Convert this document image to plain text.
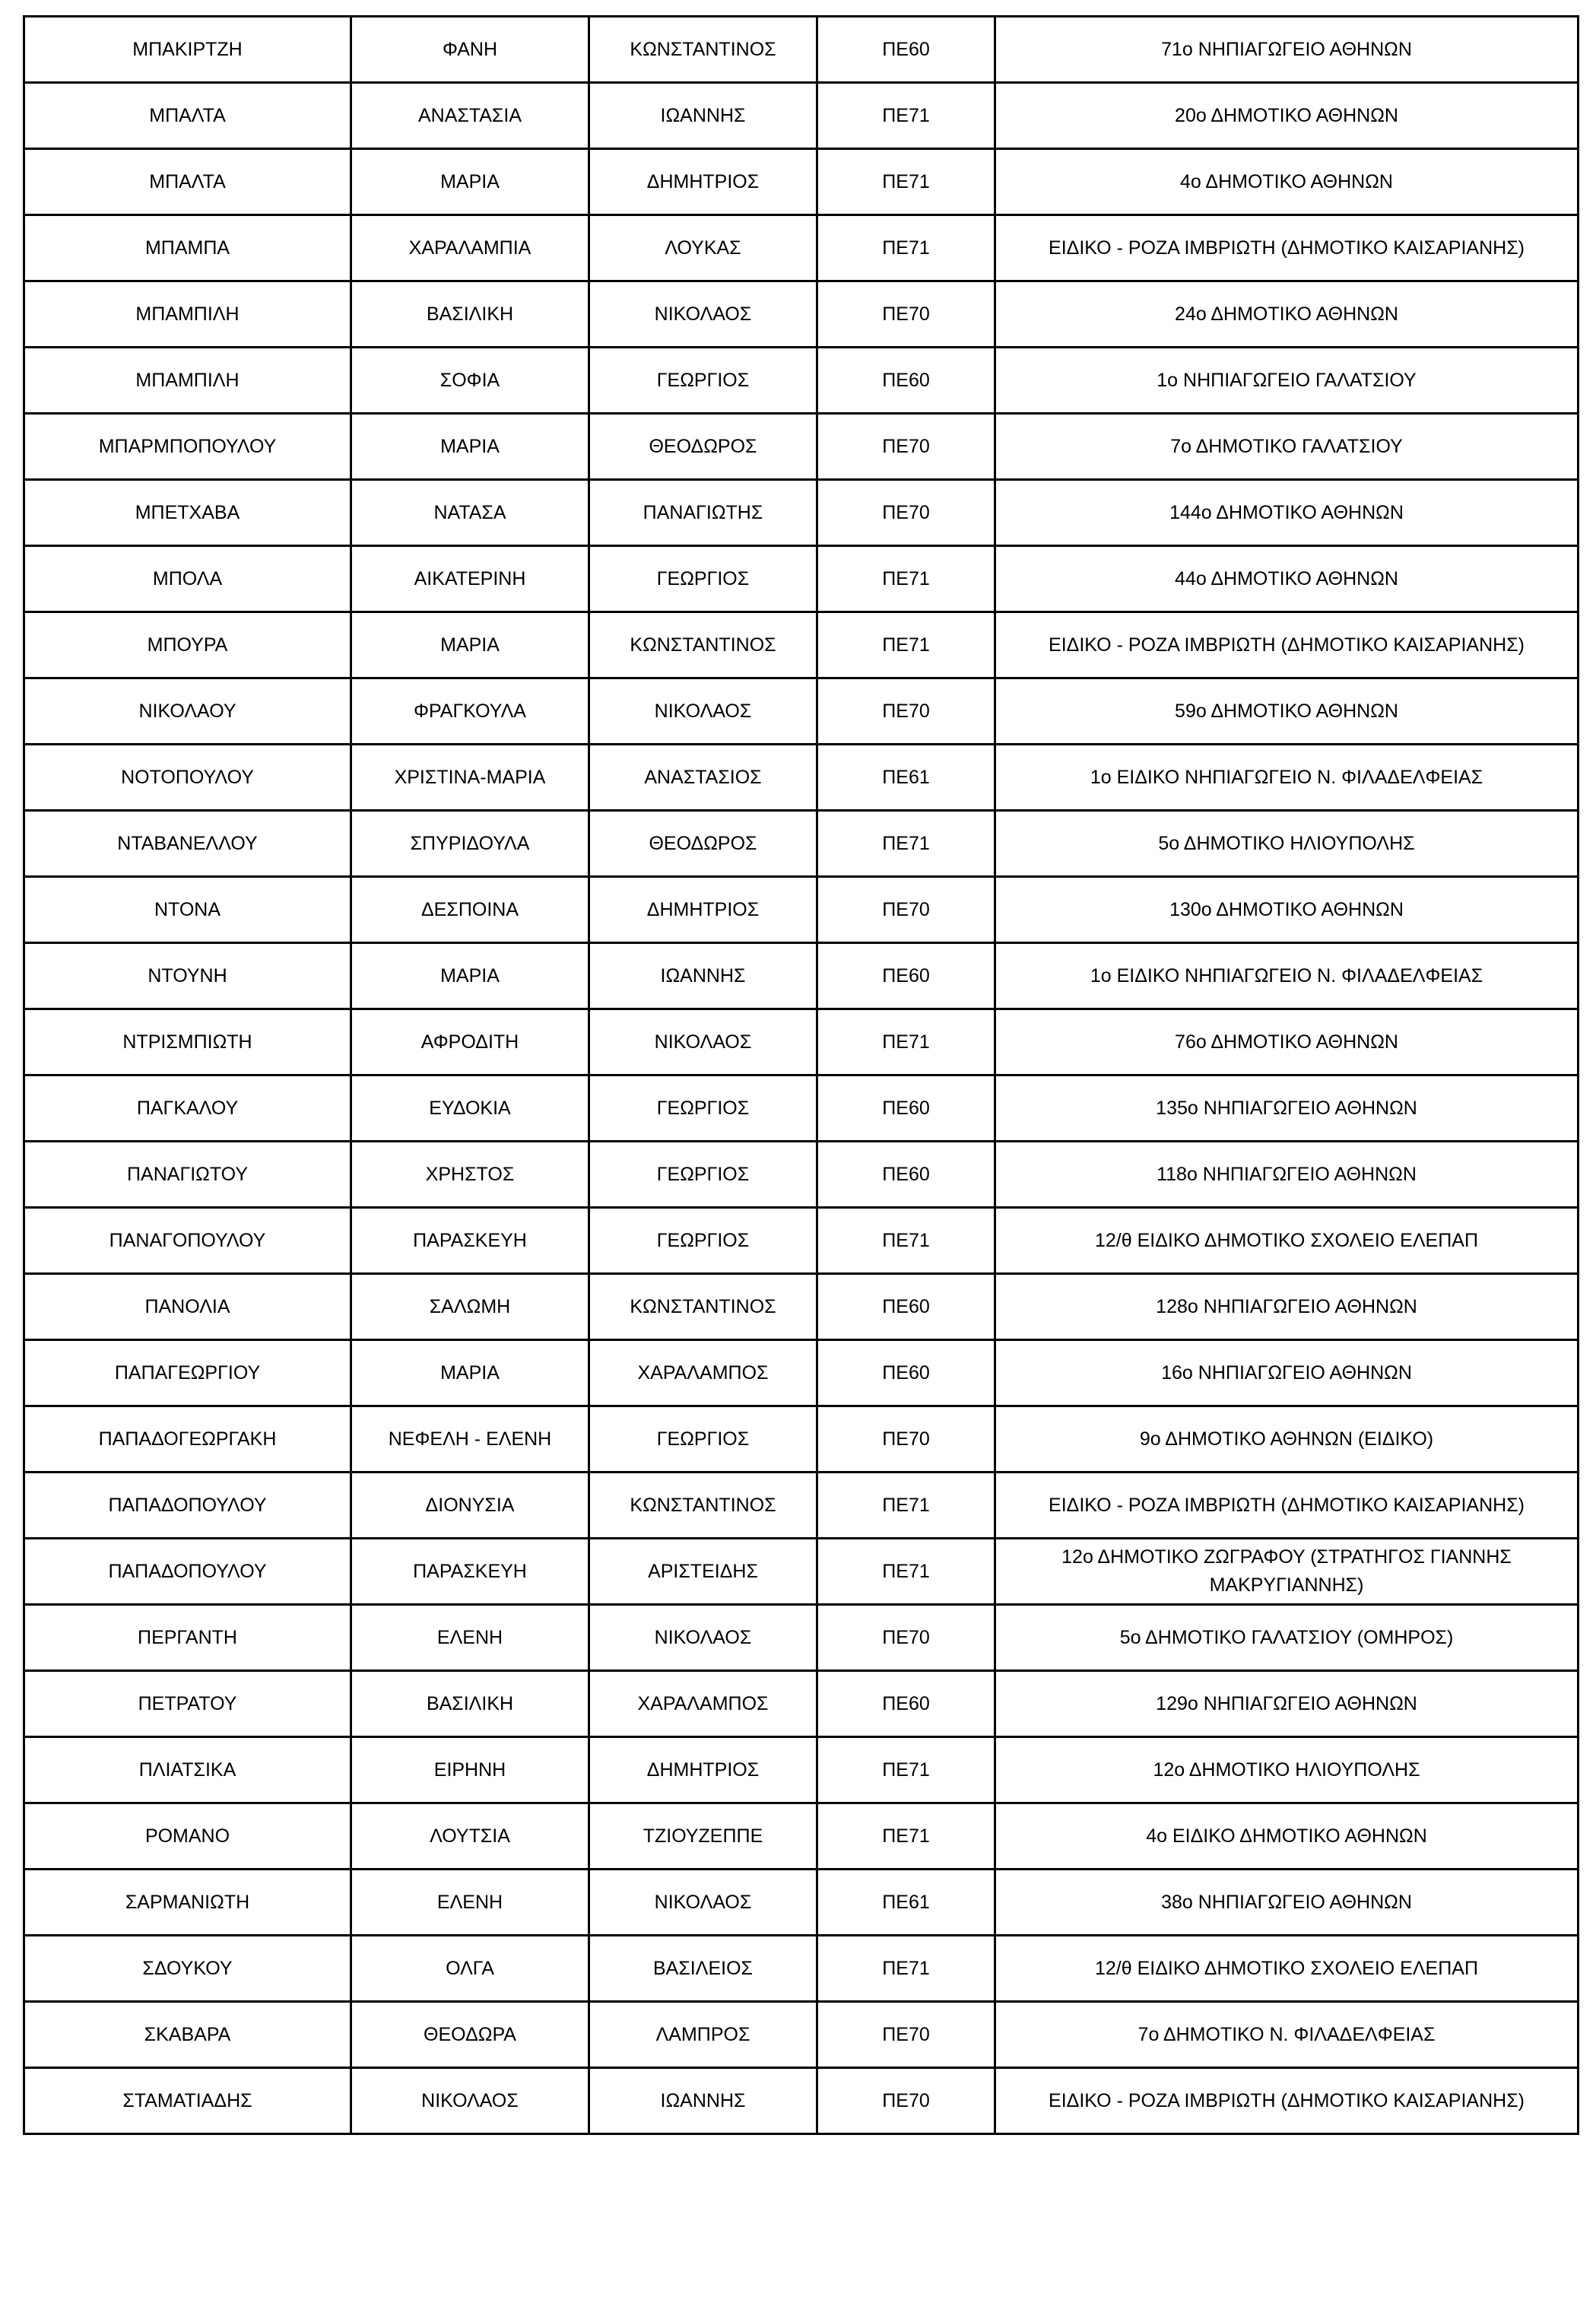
ΜΠΑΚΙΡΤΖΗ	ΦΑΝΗ	ΚΩΝΣΤΑΝΤΙΝΟΣ	ΠΕ60	71ο ΝΗΠΙΑΓΩΓΕΙΟ ΑΘΗΝΩΝ
ΜΠΑΛΤΑ	ΑΝΑΣΤΑΣΙΑ	ΙΩΑΝΝΗΣ	ΠΕ71	20ο ΔΗΜΟΤΙΚΟ ΑΘΗΝΩΝ
ΜΠΑΛΤΑ	ΜΑΡΙΑ	ΔΗΜΗΤΡΙΟΣ	ΠΕ71	4ο ΔΗΜΟΤΙΚΟ ΑΘΗΝΩΝ
ΜΠΑΜΠΑ	ΧΑΡΑΛΑΜΠΙΑ	ΛΟΥΚΑΣ	ΠΕ71	ΕΙΔΙΚΟ - ΡΟΖΑ ΙΜΒΡΙΩΤΗ (ΔΗΜΟΤΙΚΟ ΚΑΙΣΑΡΙΑΝΗΣ)
ΜΠΑΜΠΙΛΗ	ΒΑΣΙΛΙΚΗ	ΝΙΚΟΛΑΟΣ	ΠΕ70	24ο ΔΗΜΟΤΙΚΟ ΑΘΗΝΩΝ
ΜΠΑΜΠΙΛΗ	ΣΟΦΙΑ	ΓΕΩΡΓΙΟΣ	ΠΕ60	1ο ΝΗΠΙΑΓΩΓΕΙΟ ΓΑΛΑΤΣΙΟΥ
ΜΠΑΡΜΠΟΠΟΥΛΟΥ	ΜΑΡΙΑ	ΘΕΟΔΩΡΟΣ	ΠΕ70	7ο ΔΗΜΟΤΙΚΟ ΓΑΛΑΤΣΙΟΥ
ΜΠΕΤΧΑΒΑ	ΝΑΤΑΣΑ	ΠΑΝΑΓΙΩΤΗΣ	ΠΕ70	144ο ΔΗΜΟΤΙΚΟ ΑΘΗΝΩΝ
ΜΠΟΛΑ	ΑΙΚΑΤΕΡΙΝΗ	ΓΕΩΡΓΙΟΣ	ΠΕ71	44ο ΔΗΜΟΤΙΚΟ ΑΘΗΝΩΝ
ΜΠΟΥΡΑ	ΜΑΡΙΑ	ΚΩΝΣΤΑΝΤΙΝΟΣ	ΠΕ71	ΕΙΔΙΚΟ - ΡΟΖΑ ΙΜΒΡΙΩΤΗ (ΔΗΜΟΤΙΚΟ ΚΑΙΣΑΡΙΑΝΗΣ)
ΝΙΚΟΛΑΟΥ	ΦΡΑΓΚΟΥΛΑ	ΝΙΚΟΛΑΟΣ	ΠΕ70	59ο ΔΗΜΟΤΙΚΟ ΑΘΗΝΩΝ
ΝΟΤΟΠΟΥΛΟΥ	ΧΡΙΣΤΙΝΑ-ΜΑΡΙΑ	ΑΝΑΣΤΑΣΙΟΣ	ΠΕ61	1ο ΕΙΔΙΚΟ ΝΗΠΙΑΓΩΓΕΙΟ Ν. ΦΙΛΑΔΕΛΦΕΙΑΣ
ΝΤΑΒΑΝΕΛΛΟΥ	ΣΠΥΡΙΔΟΥΛΑ	ΘΕΟΔΩΡΟΣ	ΠΕ71	5ο ΔΗΜΟΤΙΚΟ ΗΛΙΟΥΠΟΛΗΣ
ΝΤΟΝΑ	ΔΕΣΠΟΙΝΑ	ΔΗΜΗΤΡΙΟΣ	ΠΕ70	130ο ΔΗΜΟΤΙΚΟ ΑΘΗΝΩΝ
ΝΤΟΥΝΗ	ΜΑΡΙΑ	ΙΩΑΝΝΗΣ	ΠΕ60	1ο ΕΙΔΙΚΟ ΝΗΠΙΑΓΩΓΕΙΟ Ν. ΦΙΛΑΔΕΛΦΕΙΑΣ
ΝΤΡΙΣΜΠΙΩΤΗ	ΑΦΡΟΔΙΤΗ	ΝΙΚΟΛΑΟΣ	ΠΕ71	76ο ΔΗΜΟΤΙΚΟ ΑΘΗΝΩΝ
ΠΑΓΚΑΛΟΥ	ΕΥΔΟΚΙΑ	ΓΕΩΡΓΙΟΣ	ΠΕ60	135ο ΝΗΠΙΑΓΩΓΕΙΟ ΑΘΗΝΩΝ
ΠΑΝΑΓΙΩΤΟΥ	ΧΡΗΣΤΟΣ	ΓΕΩΡΓΙΟΣ	ΠΕ60	118ο ΝΗΠΙΑΓΩΓΕΙΟ ΑΘΗΝΩΝ
ΠΑΝΑΓΟΠΟΥΛΟΥ	ΠΑΡΑΣΚΕΥΗ	ΓΕΩΡΓΙΟΣ	ΠΕ71	12/θ ΕΙΔΙΚΟ ΔΗΜΟΤΙΚΟ ΣΧΟΛΕΙΟ ΕΛΕΠΑΠ
ΠΑΝΟΛΙΑ	ΣΑΛΩΜΗ	ΚΩΝΣΤΑΝΤΙΝΟΣ	ΠΕ60	128ο ΝΗΠΙΑΓΩΓΕΙΟ ΑΘΗΝΩΝ
ΠΑΠΑΓΕΩΡΓΙΟΥ	ΜΑΡΙΑ	ΧΑΡΑΛΑΜΠΟΣ	ΠΕ60	16ο ΝΗΠΙΑΓΩΓΕΙΟ ΑΘΗΝΩΝ
ΠΑΠΑΔΟΓΕΩΡΓΑΚΗ	ΝΕΦΕΛΗ - ΕΛΕΝΗ	ΓΕΩΡΓΙΟΣ	ΠΕ70	9ο ΔΗΜΟΤΙΚΟ ΑΘΗΝΩΝ (ΕΙΔΙΚΟ)
ΠΑΠΑΔΟΠΟΥΛΟΥ	ΔΙΟΝΥΣΙΑ	ΚΩΝΣΤΑΝΤΙΝΟΣ	ΠΕ71	ΕΙΔΙΚΟ - ΡΟΖΑ ΙΜΒΡΙΩΤΗ (ΔΗΜΟΤΙΚΟ ΚΑΙΣΑΡΙΑΝΗΣ)
ΠΑΠΑΔΟΠΟΥΛΟΥ	ΠΑΡΑΣΚΕΥΗ	ΑΡΙΣΤΕΙΔΗΣ	ΠΕ71	12ο ΔΗΜΟΤΙΚΟ ΖΩΓΡΑΦΟΥ (ΣΤΡΑΤΗΓΟΣ ΓΙΑΝΝΗΣ ΜΑΚΡΥΓΙΑΝΝΗΣ)
ΠΕΡΓΑΝΤΗ	ΕΛΕΝΗ	ΝΙΚΟΛΑΟΣ	ΠΕ70	5ο ΔΗΜΟΤΙΚΟ ΓΑΛΑΤΣΙΟΥ (ΟΜΗΡΟΣ)
ΠΕΤΡΑΤΟΥ	ΒΑΣΙΛΙΚΗ	ΧΑΡΑΛΑΜΠΟΣ	ΠΕ60	129ο ΝΗΠΙΑΓΩΓΕΙΟ ΑΘΗΝΩΝ
ΠΛΙΑΤΣΙΚΑ	ΕΙΡΗΝΗ	ΔΗΜΗΤΡΙΟΣ	ΠΕ71	12ο ΔΗΜΟΤΙΚΟ ΗΛΙΟΥΠΟΛΗΣ
ΡΟΜΑΝΟ	ΛΟΥΤΣΙΑ	ΤΖΙΟΥΖΕΠΠΕ	ΠΕ71	4ο ΕΙΔΙΚΟ ΔΗΜΟΤΙΚΟ ΑΘΗΝΩΝ
ΣΑΡΜΑΝΙΩΤΗ	ΕΛΕΝΗ	ΝΙΚΟΛΑΟΣ	ΠΕ61	38ο ΝΗΠΙΑΓΩΓΕΙΟ ΑΘΗΝΩΝ
ΣΔΟΥΚΟΥ	ΟΛΓΑ	ΒΑΣΙΛΕΙΟΣ	ΠΕ71	12/θ ΕΙΔΙΚΟ ΔΗΜΟΤΙΚΟ ΣΧΟΛΕΙΟ ΕΛΕΠΑΠ
ΣΚΑΒΑΡΑ	ΘΕΟΔΩΡΑ	ΛΑΜΠΡΟΣ	ΠΕ70	7ο ΔΗΜΟΤΙΚΟ Ν. ΦΙΛΑΔΕΛΦΕΙΑΣ
ΣΤΑΜΑΤΙΑΔΗΣ	ΝΙΚΟΛΑΟΣ	ΙΩΑΝΝΗΣ	ΠΕ70	ΕΙΔΙΚΟ - ΡΟΖΑ ΙΜΒΡΙΩΤΗ (ΔΗΜΟΤΙΚΟ ΚΑΙΣΑΡΙΑΝΗΣ)
